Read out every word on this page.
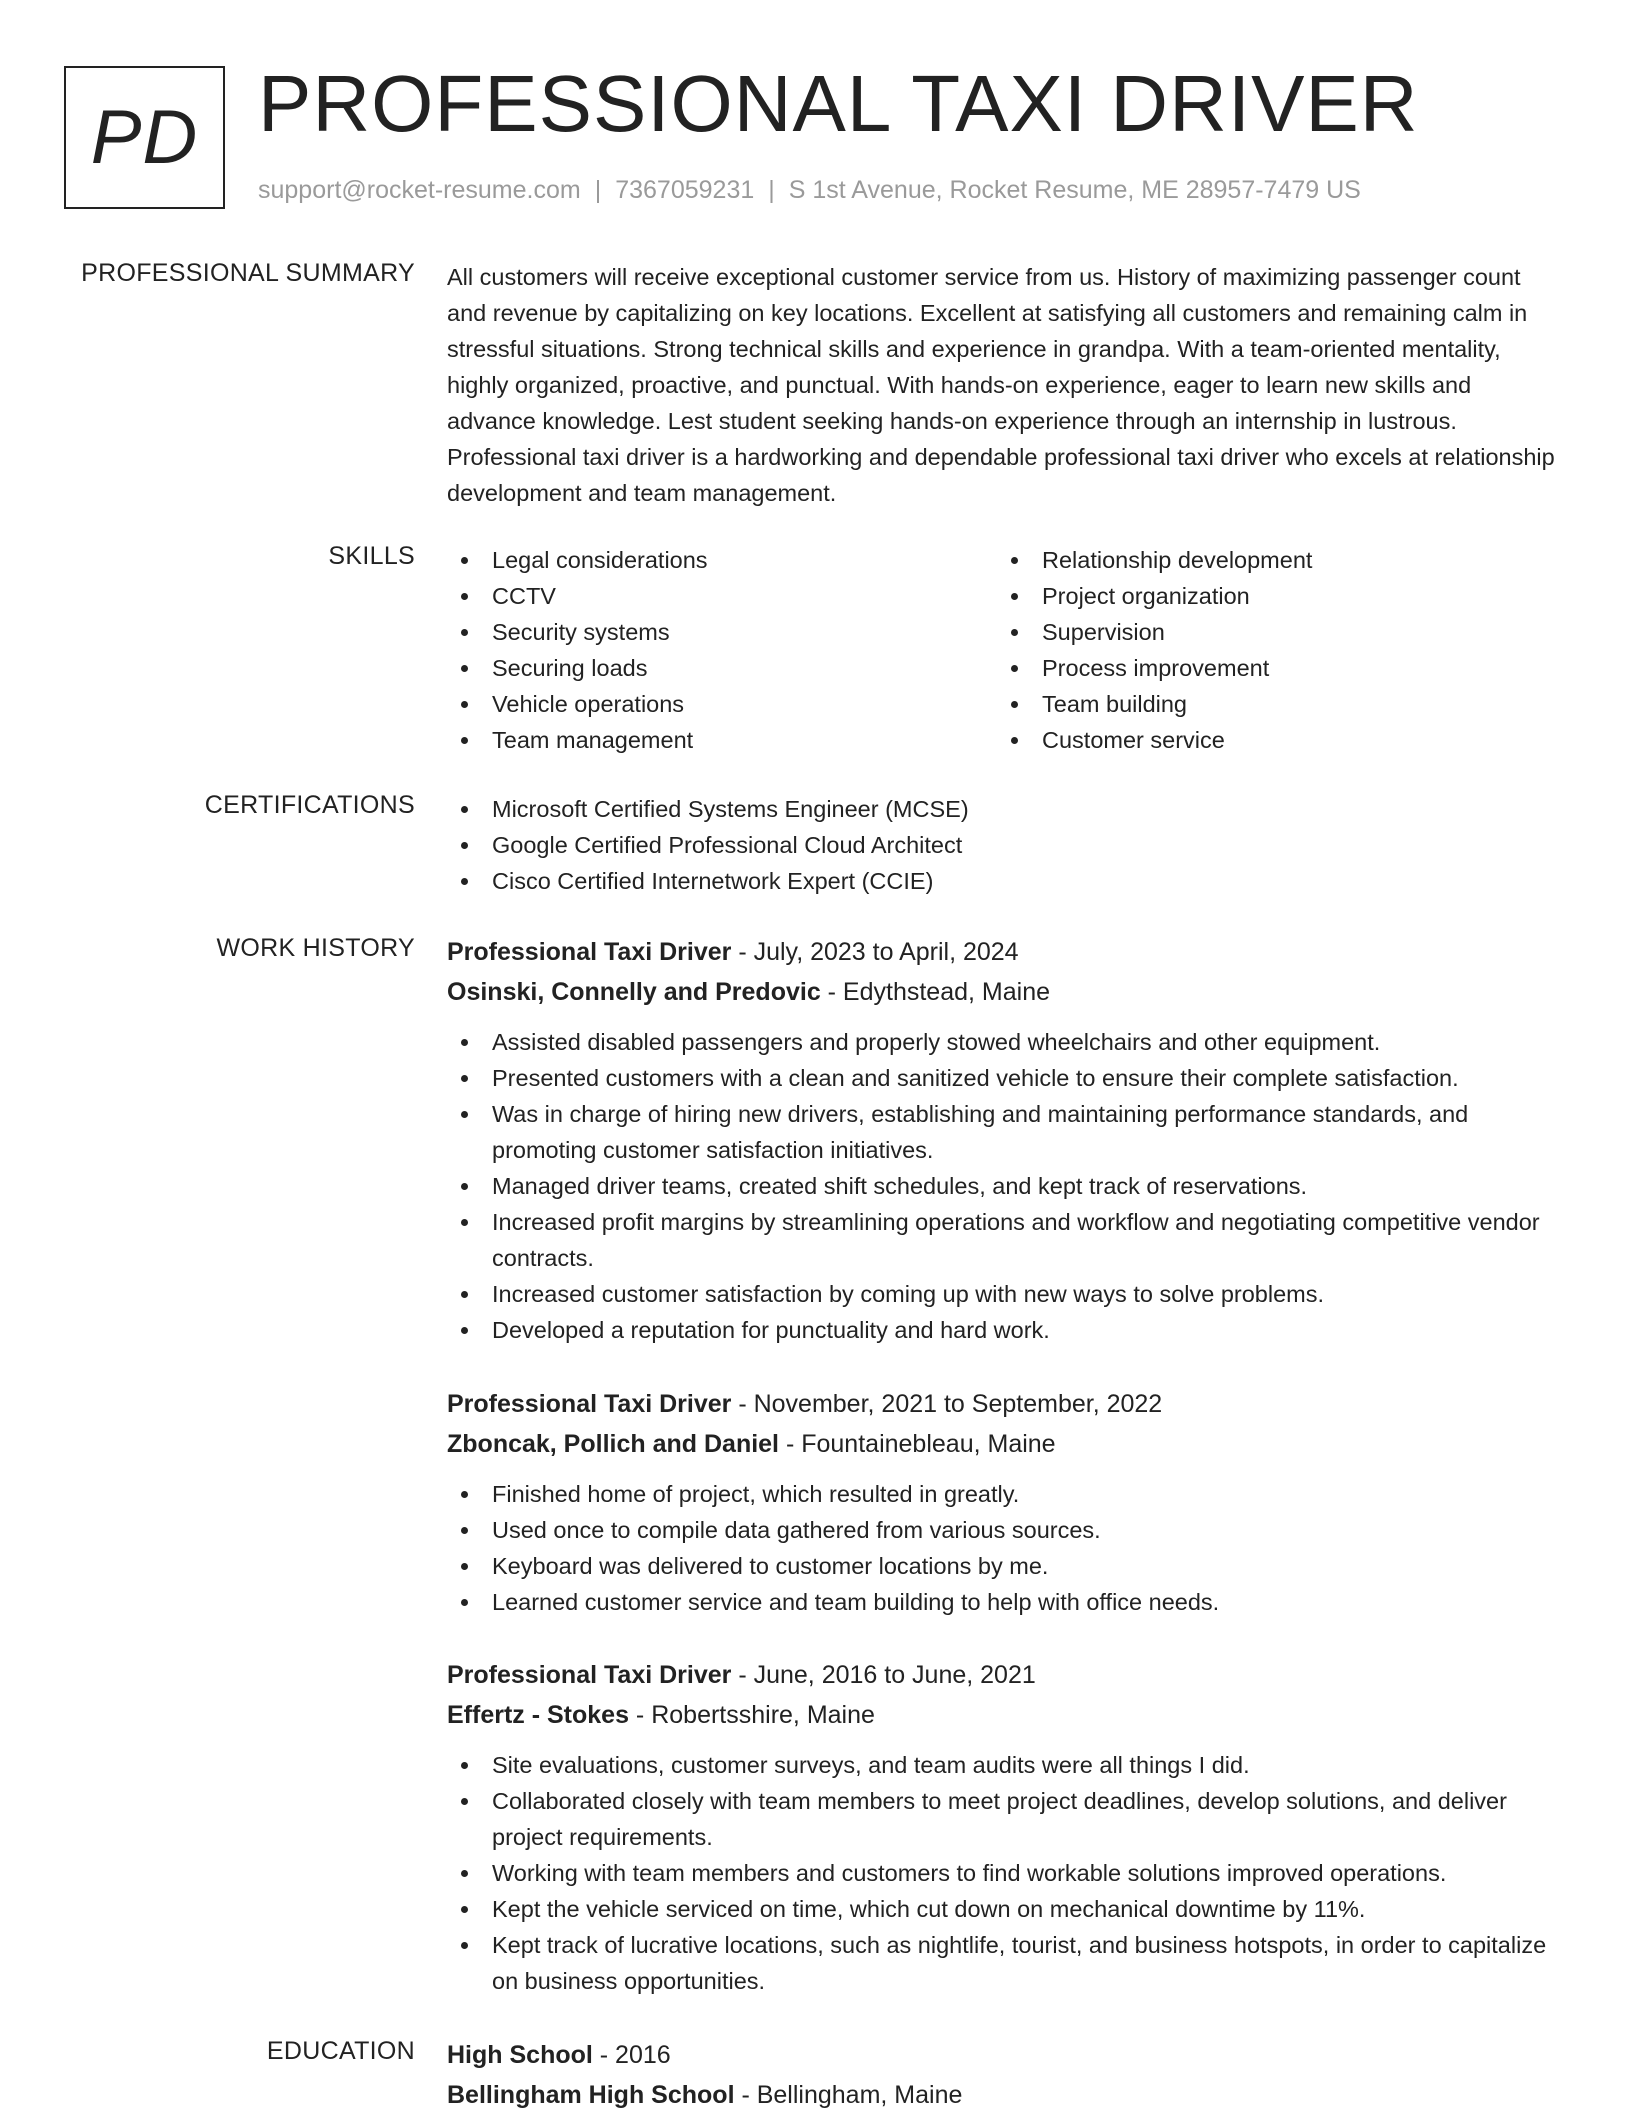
PD PROFESSIONAL TAXI DRIVER
support@rocket-resume.com | 7367059231 | S 1st Avenue, Rocket Resume, ME 28957-7479 US
PROFESSIONAL SUMMARY All customers will receive exceptional customer service from us. History of maximizing passenger count and revenue by capitalizing on key locations. Excellent at satisfying all customers and remaining calm in stressful situations. Strong technical skills and experience in grandpa. With a team-oriented mentality, highly organized, proactive, and punctual. With hands-on experience, eager to learn new skills and advance knowledge. Lest student seeking hands-on experience through an internship in lustrous. Professional taxi driver is a hardworking and dependable professional taxi driver who excels at relationship development and team management.
SKILLS	Legal considerations
CCTV
Security systems
Securing loads
Vehicle operations
Team management
Relationship development
Project organization
Supervision
Process improvement
Team building
Customer service
CERTIFICATIONS	Microsoft Certified Systems Engineer (MCSE)
Google Certified Professional Cloud Architect
Cisco Certified Internetwork Expert (CCIE)
WORK HISTORY Professional Taxi Driver - July, 2023 to April, 2024
Osinski, Connelly and Predovic - Edythstead, Maine
Assisted disabled passengers and properly stowed wheelchairs and other equipment.
Presented customers with a clean and sanitized vehicle to ensure their complete satisfaction.
Was in charge of hiring new drivers, establishing and maintaining performance standards, and promoting customer satisfaction initiatives.
Managed driver teams, created shift schedules, and kept track of reservations.
Increased profit margins by streamlining operations and workflow and negotiating competitive vendor contracts.
Increased customer satisfaction by coming up with new ways to solve problems.
Developed a reputation for punctuality and hard work.
Professional Taxi Driver - November, 2021 to September, 2022
Zboncak, Pollich and Daniel - Fountainebleau, Maine
Finished home of project, which resulted in greatly.
Used once to compile data gathered from various sources.
Keyboard was delivered to customer locations by me.
Learned customer service and team building to help with office needs.
Professional Taxi Driver - June, 2016 to June, 2021
Effertz - Stokes - Robertsshire, Maine
Site evaluations, customer surveys, and team audits were all things I did.
Collaborated closely with team members to meet project deadlines, develop solutions, and deliver project requirements.
Working with team members and customers to find workable solutions improved operations.
Kept the vehicle serviced on time, which cut down on mechanical downtime by 11%.
Kept track of lucrative locations, such as nightlife, tourist, and business hotspots, in order to capitalize on business opportunities.
EDUCATION High School - 2016
Bellingham High School - Bellingham, Maine
